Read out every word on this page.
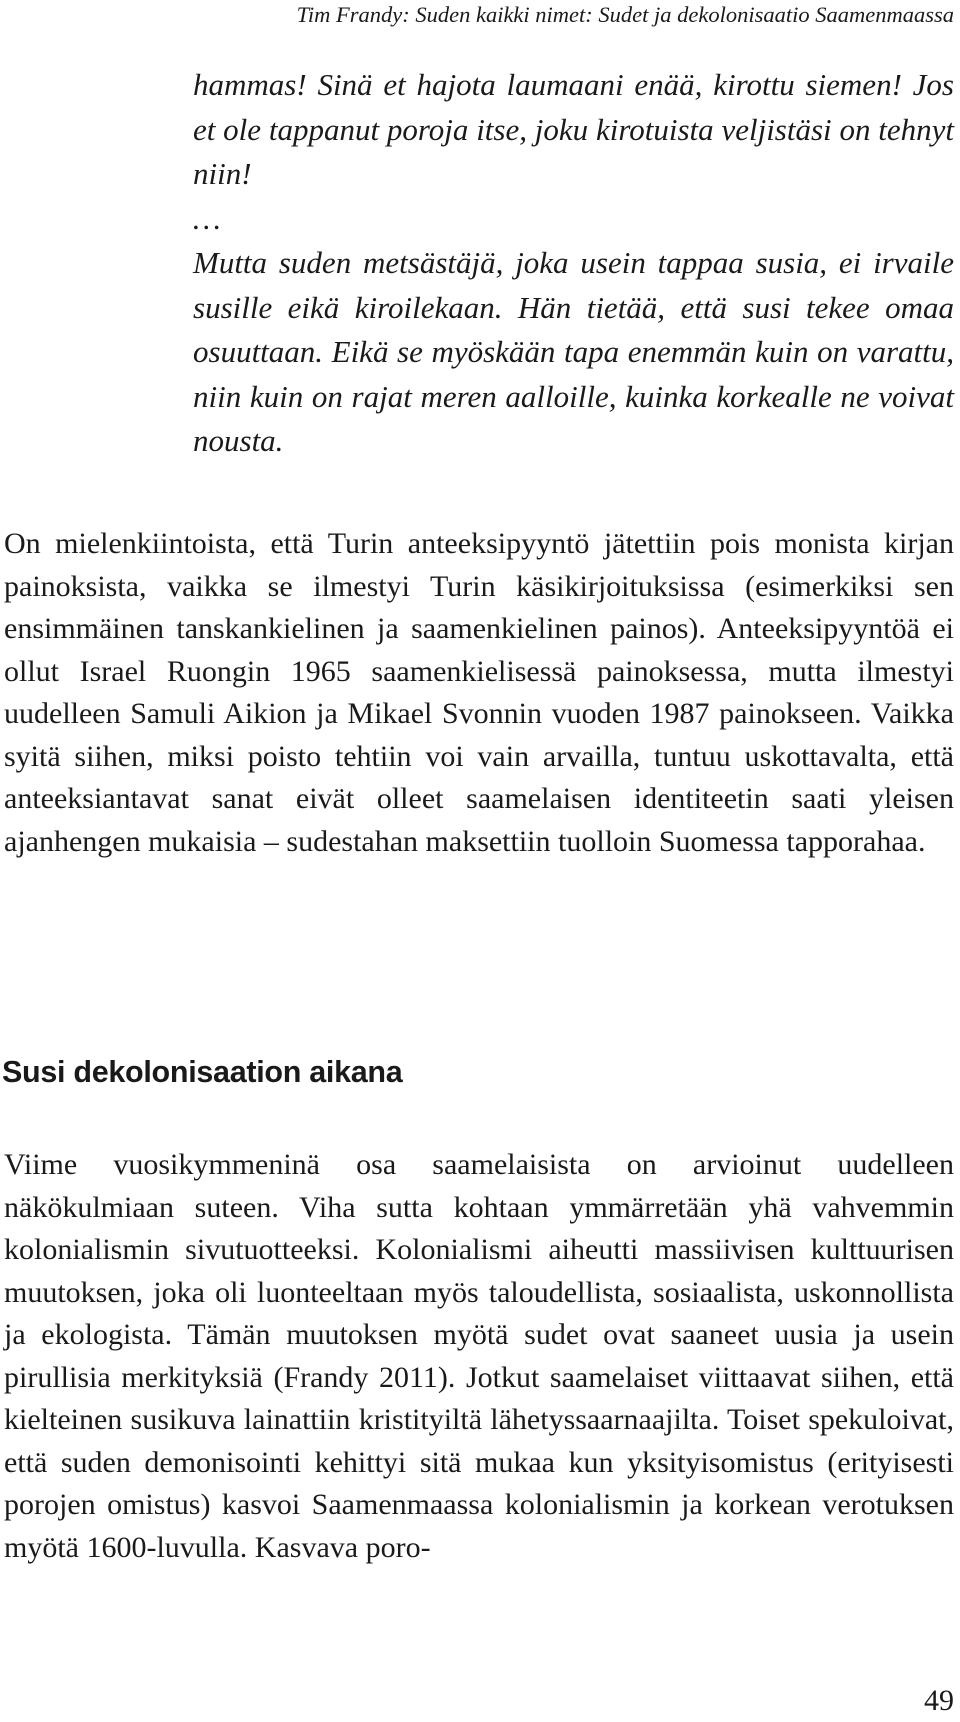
Tim Frandy: Suden kaikki nimet: Sudet ja dekolonisaatio Saamenmaassa

hammas! Sinä et hajota laumaani enää, kirottu siemen! Jos et ole tappanut poroja itse, joku kirotuista veljistäsi on tehnyt niin!
…
Mutta suden metsästäjä, joka usein tappaa susia, ei irvaile susille eikä kiroilekaan. Hän tietää, että susi tekee omaa osuuttaan. Eikä se myöskään tapa enemmän kuin on varattu, niin kuin on rajat meren aalloille, kuinka korkealle ne voivat nousta.

On mielenkiintoista, että Turin anteeksipyyntö jätettiin pois monista kirjan painoksista, vaikka se ilmestyi Turin käsikirjoituksissa (esimerkiksi sen ensimmäinen tanskankielinen ja saamenkielinen painos). Anteeksipyyntöä ei ollut Israel Ruongin 1965 saamenkielisessä painoksessa, mutta ilmestyi uudelleen Samuli Aikion ja Mikael Svonnin vuoden 1987 painokseen. Vaikka syitä siihen, miksi poisto tehtiin voi vain arvailla, tuntuu uskottavalta, että anteeksiantavat sanat eivät olleet saamelaisen identiteetin saati yleisen ajanhengen mukaisia – sudestahan maksettiin tuolloin Suomessa tapporahaa.

Susi dekolonisaation aikana

Viime vuosikymmeninä osa saamelaisista on arvioinut uudelleen näkökulmiaan suteen. Viha sutta kohtaan ymmärretään yhä vahvemmin kolonialismin sivutuotteeksi. Kolonialismi aiheutti massiivisen kulttuurisen muutoksen, joka oli luonteeltaan myös taloudellista, sosiaalista, uskonnollista ja ekologista. Tämän muutoksen myötä sudet ovat saaneet uusia ja usein pirullisia merkityksiä (Frandy 2011). Jotkut saamelaiset viittaavat siihen, että kielteinen susikuva lainattiin kristityiltä lähetyssaarnaajilta. Toiset spekuloivat, että suden demonisointi kehittyi sitä mukaa kun yksityisomistus (erityisesti porojen omistus) kasvoi Saamenmaassa kolonialismin ja korkean verotuksen myötä 1600-luvulla. Kasvava poro-

49
